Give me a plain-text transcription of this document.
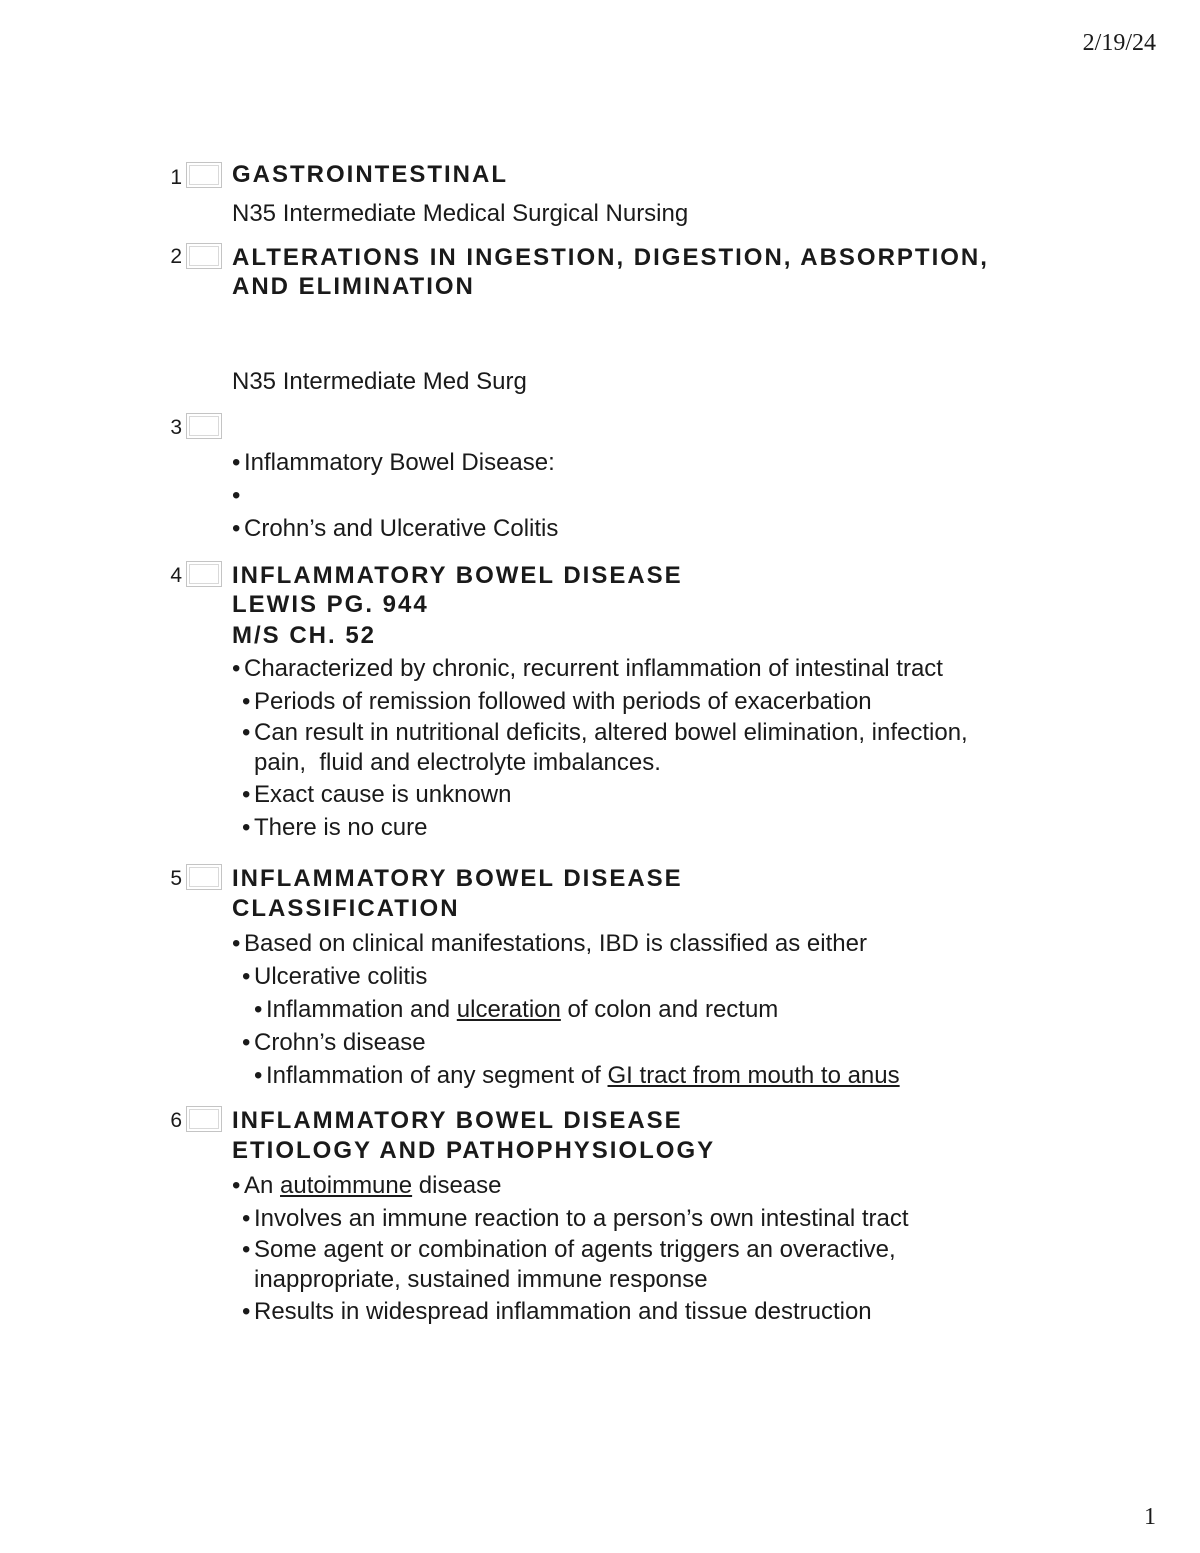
2/19/24
1 GASTROINTESTINAL
N35 Intermediate Medical Surgical Nursing
2 ALTERATIONS IN INGESTION, DIGESTION, ABSORPTION,
AND ELIMINATION
N35 Intermediate Med Surg
3
• Inflammatory Bowel Disease:
•
• Crohn’s and Ulcerative Colitis
4 INFLAMMATORY BOWEL DISEASE
LEWIS PG. 944
M/S CH. 52
• Characterized by chronic, recurrent inflammation of intestinal tract
• Periods of remission followed with periods of exacerbation
• Can result in nutritional deficits, altered bowel elimination, infection,
pain,  fluid and electrolyte imbalances.
• Exact cause is unknown
• There is no cure
5 INFLAMMATORY BOWEL DISEASE
CLASSIFICATION
• Based on clinical manifestations, IBD is classified as either
• Ulcerative colitis
• Inflammation and ulceration of colon and rectum
• Crohn’s disease
• Inflammation of any segment of GI tract from mouth to anus
6 INFLAMMATORY BOWEL DISEASE
ETIOLOGY AND PATHOPHYSIOLOGY
• An autoimmune disease
• Involves an immune reaction to a person’s own intestinal tract
• Some agent or combination of agents triggers an overactive,
inappropriate, sustained immune response
• Results in widespread inflammation and tissue destruction
1
